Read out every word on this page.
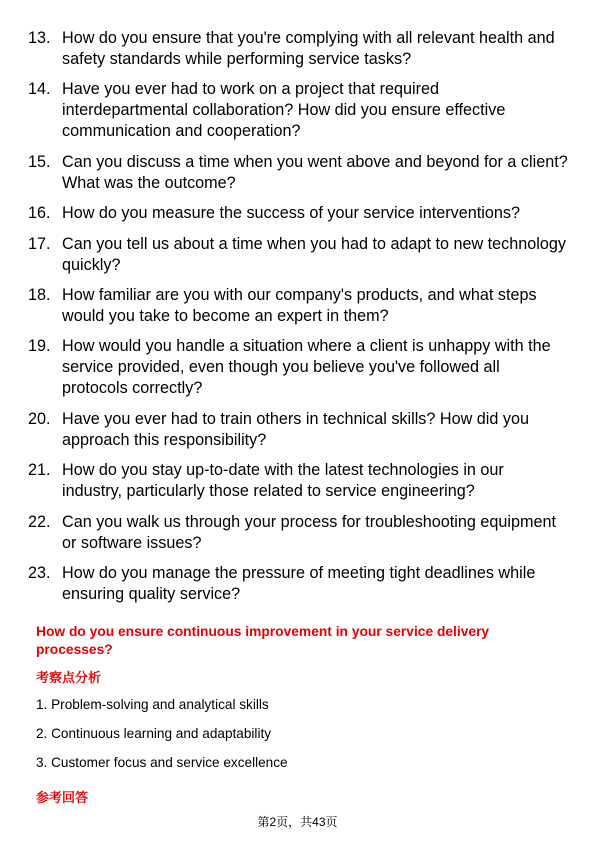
13. How do you ensure that you're complying with all relevant health and safety standards while performing service tasks?
14. Have you ever had to work on a project that required interdepartmental collaboration? How did you ensure effective communication and cooperation?
15. Can you discuss a time when you went above and beyond for a client? What was the outcome?
16. How do you measure the success of your service interventions?
17. Can you tell us about a time when you had to adapt to new technology quickly?
18. How familiar are you with our company's products, and what steps would you take to become an expert in them?
19. How would you handle a situation where a client is unhappy with the service provided, even though you believe you've followed all protocols correctly?
20. Have you ever had to train others in technical skills? How did you approach this responsibility?
21. How do you stay up-to-date with the latest technologies in our industry, particularly those related to service engineering?
22. Can you walk us through your process for troubleshooting equipment or software issues?
23. How do you manage the pressure of meeting tight deadlines while ensuring quality service?
How do you ensure continuous improvement in your service delivery processes?
考察点分析
1. Problem-solving and analytical skills
2. Continuous learning and adaptability
3. Customer focus and service excellence
参考回答
第2页，共43页
